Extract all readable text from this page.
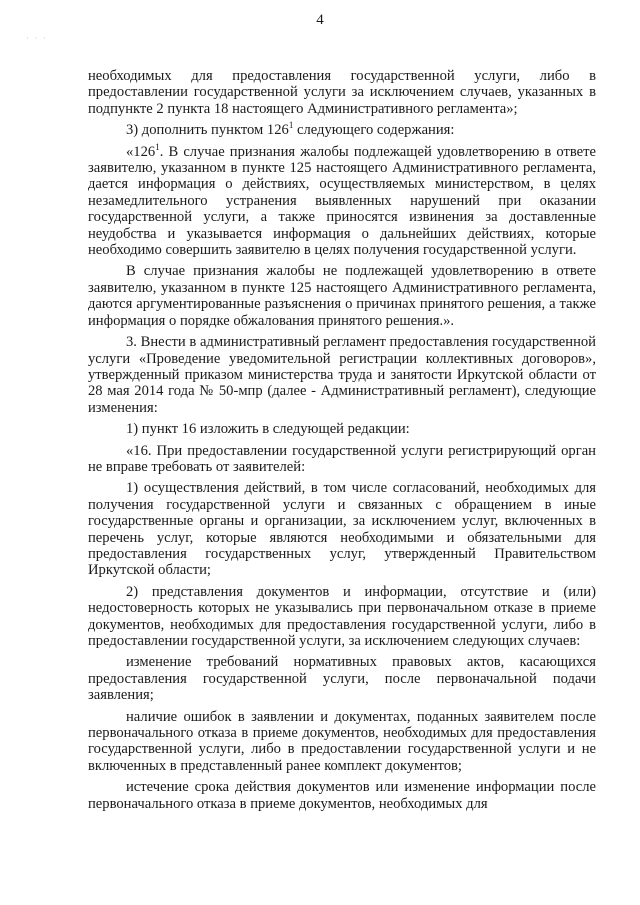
4
· · ·

необходимых для предоставления государственной услуги, либо в предоставлении государственной услуги за исключением случаев, указанных в подпункте 2 пункта 18 настоящего Административного регламента»;

3) дополнить пунктом $126^1$ следующего содержания:

«$126^1$. В случае признания жалобы подлежащей удовлетворению в ответе заявителю, указанном в пункте 125 настоящего Административного регламента, дается информация о действиях, осуществляемых министерством, в целях незамедлительного устранения выявленных нарушений при оказании государственной услуги, а также приносятся извинения за доставленные неудобства и указывается информация о дальнейших действиях, которые необходимо совершить заявителю в целях получения государственной услуги.

В случае признания жалобы не подлежащей удовлетворению в ответе заявителю, указанном в пункте 125 настоящего Административного регламента, даются аргументированные разъяснения о причинах принятого решения, а также информация о порядке обжалования принятого решения.».

3. Внести в административный регламент предоставления государственной услуги «Проведение уведомительной регистрации коллективных договоров», утвержденный приказом министерства труда и занятости Иркутской области от 28 мая 2014 года № 50-мпр (далее - Административный регламент), следующие изменения:

1) пункт 16 изложить в следующей редакции:

«16. При предоставлении государственной услуги регистрирующий орган не вправе требовать от заявителей:

1) осуществления действий, в том числе согласований, необходимых для получения государственной услуги и связанных с обращением в иные государственные органы и организации, за исключением услуг, включенных в перечень услуг, которые являются необходимыми и обязательными для предоставления государственных услуг, утвержденный Правительством Иркутской области;

2) представления документов и информации, отсутствие и (или) недостоверность которых не указывались при первоначальном отказе в приеме документов, необходимых для предоставления государственной услуги, либо в предоставлении государственной услуги, за исключением следующих случаев:

изменение требований нормативных правовых актов, касающихся предоставления государственной услуги, после первоначальной подачи заявления;

наличие ошибок в заявлении и документах, поданных заявителем после первоначального отказа в приеме документов, необходимых для предоставления государственной услуги, либо в предоставлении государственной услуги и не включенных в представленный ранее комплект документов;

истечение срока действия документов или изменение информации после первоначального отказа в приеме документов, необходимых для
